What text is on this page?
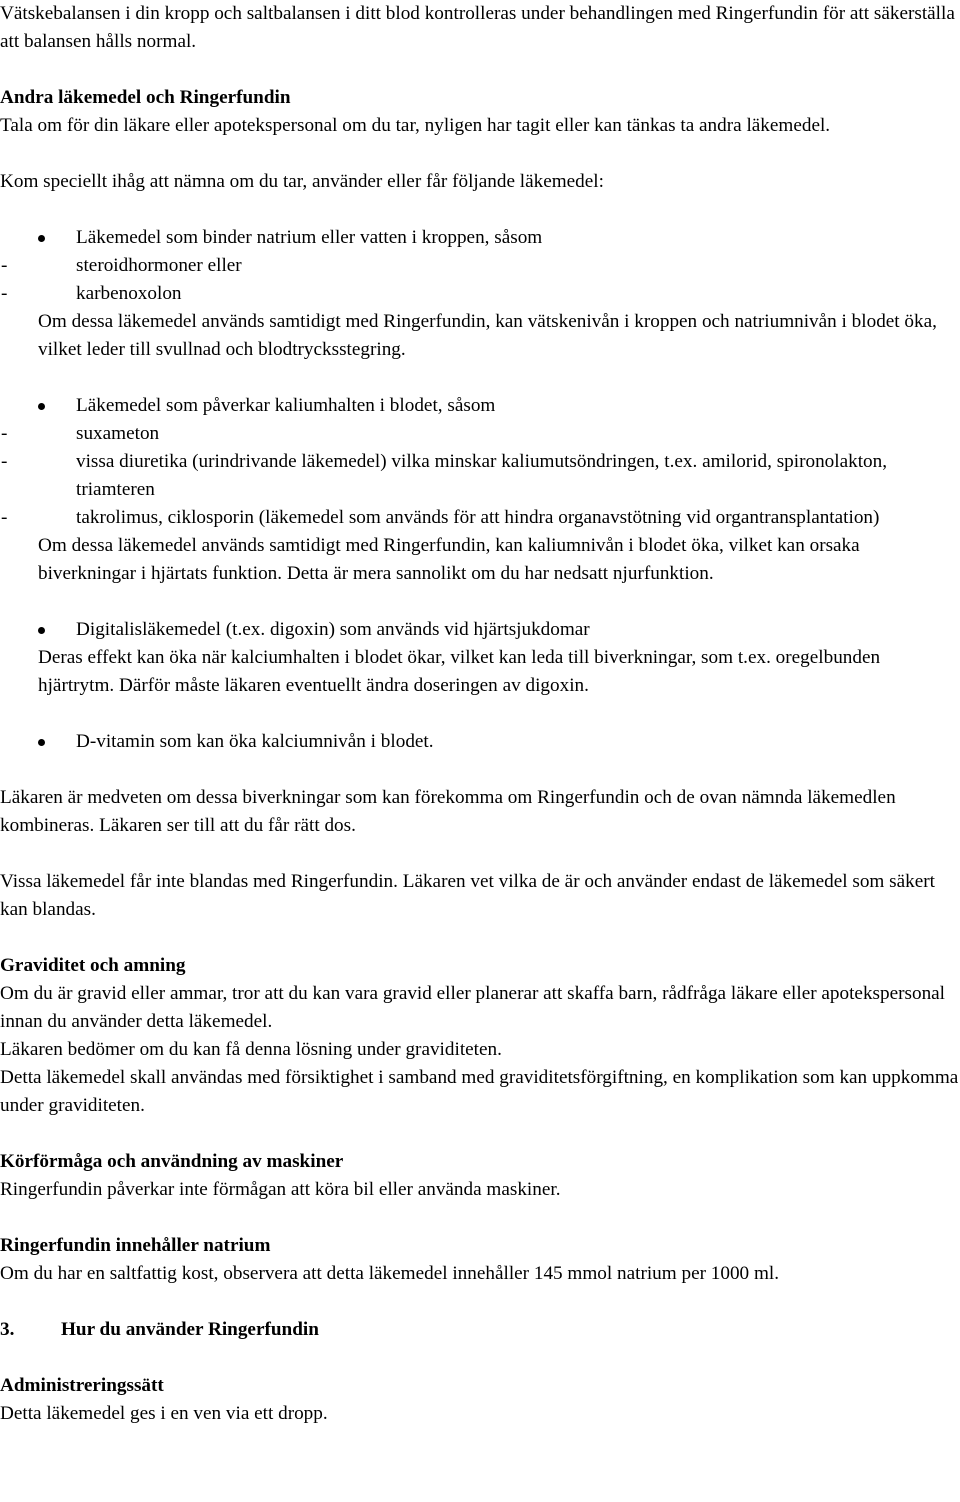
Vätskebalansen i din kropp och saltbalansen i ditt blod kontrolleras under behandlingen med Ringerfundin för att säkerställa att balansen hålls normal.

Andra läkemedel och Ringerfundin

Tala om för din läkare eller apotekspersonal om du tar, nyligen har tagit eller kan tänkas ta andra läkemedel.

Kom speciellt ihåg att nämna om du tar, använder eller får följande läkemedel:

Läkemedel som binder natrium eller vatten i kroppen, såsom

-	steroidhormoner eller

-	karbenoxolon

Om dessa läkemedel används samtidigt med Ringerfundin, kan vätskenivån i kroppen och natriumnivån i blodet öka, vilket leder till svullnad och blodtrycksstegring.

Läkemedel som påverkar kaliumhalten i blodet, såsom

-	suxameton

-	vissa diuretika (urindrivande läkemedel) vilka minskar kaliumutsöndringen, t.ex. amilorid, spironolakton, triamteren

-	takrolimus, ciklosporin (läkemedel som används för att hindra organavstötning vid organtransplantation)

Om dessa läkemedel används samtidigt med Ringerfundin, kan kaliumnivån i blodet öka, vilket kan orsaka biverkningar i hjärtats funktion. Detta är mera sannolikt om du har nedsatt njurfunktion.

Digitalisläkemedel (t.ex. digoxin) som används vid hjärtsjukdomar

Deras effekt kan öka när kalciumhalten i blodet ökar, vilket kan leda till biverkningar, som t.ex. oregelbunden hjärtrytm. Därför måste läkaren eventuellt ändra doseringen av digoxin.

D-vitamin som kan öka kalciumnivån i blodet.

Läkaren är medveten om dessa biverkningar som kan förekomma om Ringerfundin och de ovan nämnda läkemedlen kombineras. Läkaren ser till att du får rätt dos.

Vissa läkemedel får inte blandas med Ringerfundin. Läkaren vet vilka de är och använder endast de läkemedel som säkert kan blandas.

Graviditet och amning

Om du är gravid eller ammar, tror att du kan vara gravid eller planerar att skaffa barn, rådfråga läkare eller apotekspersonal innan du använder detta läkemedel.

Läkaren bedömer om du kan få denna lösning under graviditeten.

Detta läkemedel skall användas med försiktighet i samband med graviditetsförgiftning, en komplikation som kan uppkomma under graviditeten.

Körförmåga och användning av maskiner

Ringerfundin påverkar inte förmågan att köra bil eller använda maskiner.

Ringerfundin innehåller natrium

Om du har en saltfattig kost, observera att detta läkemedel innehåller 145 mmol natrium per 1000 ml.

3. Hur du använder Ringerfundin

Administreringssätt

Detta läkemedel ges i en ven via ett dropp.
